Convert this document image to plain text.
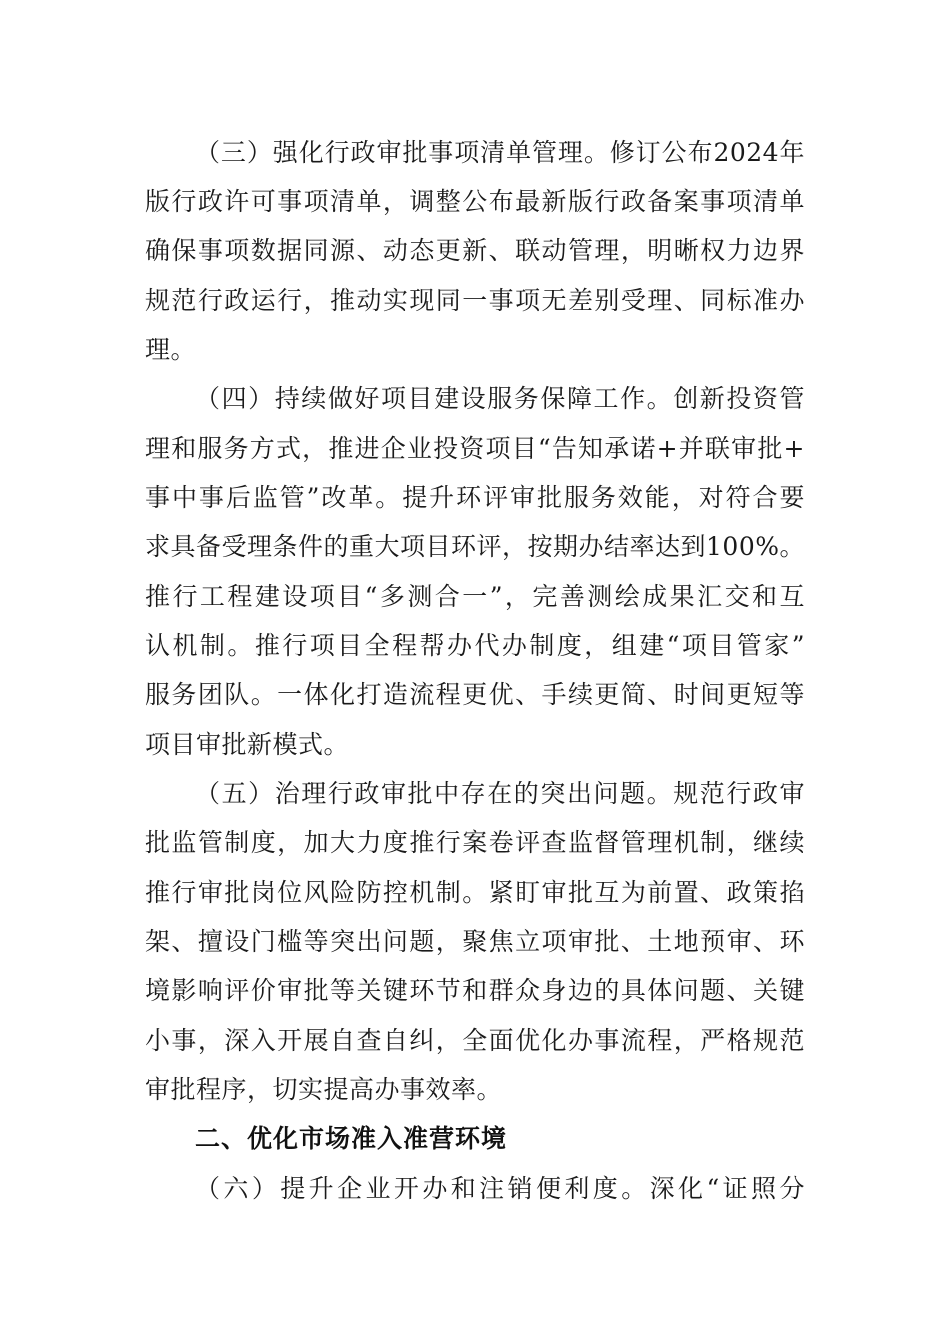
（三）强化行政审批事项清单管理。修订公布2024年
版行政许可事项清单，调整公布最新版行政备案事项清单
确保事项数据同源、动态更新、联动管理，明晰权力边界
规范行政运行，推动实现同一事项无差别受理、同标准办
理。
（四）持续做好项目建设服务保障工作。创新投资管
理和服务方式，推进企业投资项目“告知承诺+并联审批+
事中事后监管”改革。提升环评审批服务效能，对符合要
求具备受理条件的重大项目环评，按期办结率达到100%。
推行工程建设项目“多测合一”，完善测绘成果汇交和互
认机制。推行项目全程帮办代办制度，组建“项目管家”
服务团队。一体化打造流程更优、手续更简、时间更短等
项目审批新模式。
（五）治理行政审批中存在的突出问题。规范行政审
批监管制度，加大力度推行案卷评查监督管理机制，继续
推行审批岗位风险防控机制。紧盯审批互为前置、政策掐
架、擅设门槛等突出问题，聚焦立项审批、土地预审、环
境影响评价审批等关键环节和群众身边的具体问题、关键
小事，深入开展自查自纠，全面优化办事流程，严格规范
审批程序，切实提高办事效率。
二、优化市场准入准营环境
（六）提升企业开办和注销便利度。深化“证照分
